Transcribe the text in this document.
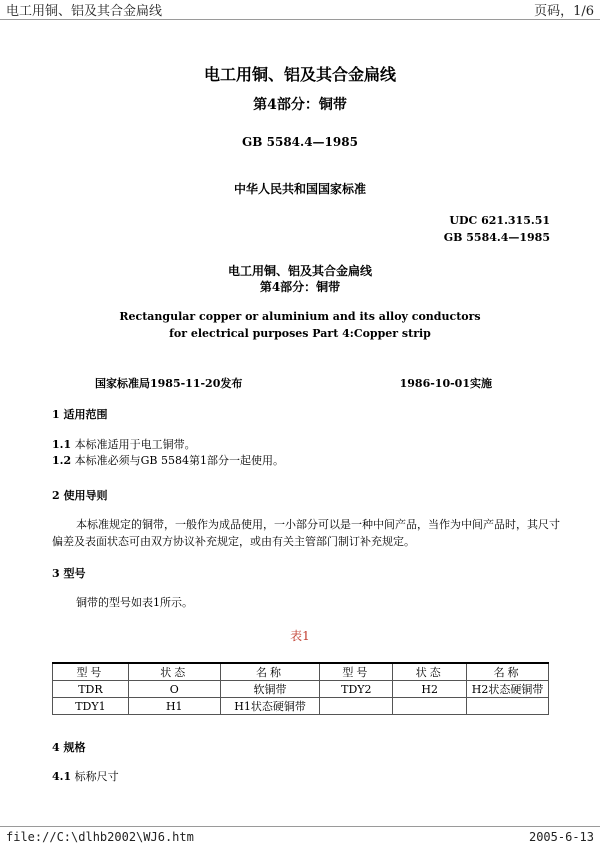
电工用铜、铝及其合金扁线	页码，1/6
电工用铜、铝及其合金扁线
第4部分：铜带
GB 5584.4—1985
中华人民共和国国家标准
UDC 621.315.51
GB 5584.4—1985
电工用铜、铝及其合金扁线
第4部分：铜带
Rectangular copper or aluminium and its alloy conductors
for electrical purposes Part 4:Copper strip
国家标准局1985-11-20发布	1986-10-01实施
1 适用范围
1.1 本标准适用于电工铜带。
1.2 本标准必须与GB 5584第1部分一起使用。
2 使用导则
本标准规定的铜带，一般作为成品使用，一小部分可以是一种中间产品，当作为中间产品时，其尺寸
偏差及表面状态可由双方协议补充规定，或由有关主管部门制订补充规定。
3 型号
铜带的型号如表1所示。
表1
型号	状态	名称	型号	状态	名称
TDR	O	软铜带	TDY2	H2	H2状态硬铜带
TDY1	H1	H1状态硬铜带			
4 规格
4.1 标称尺寸
file://C:\dlhb2002\WJ6.htm	2005-6-13
